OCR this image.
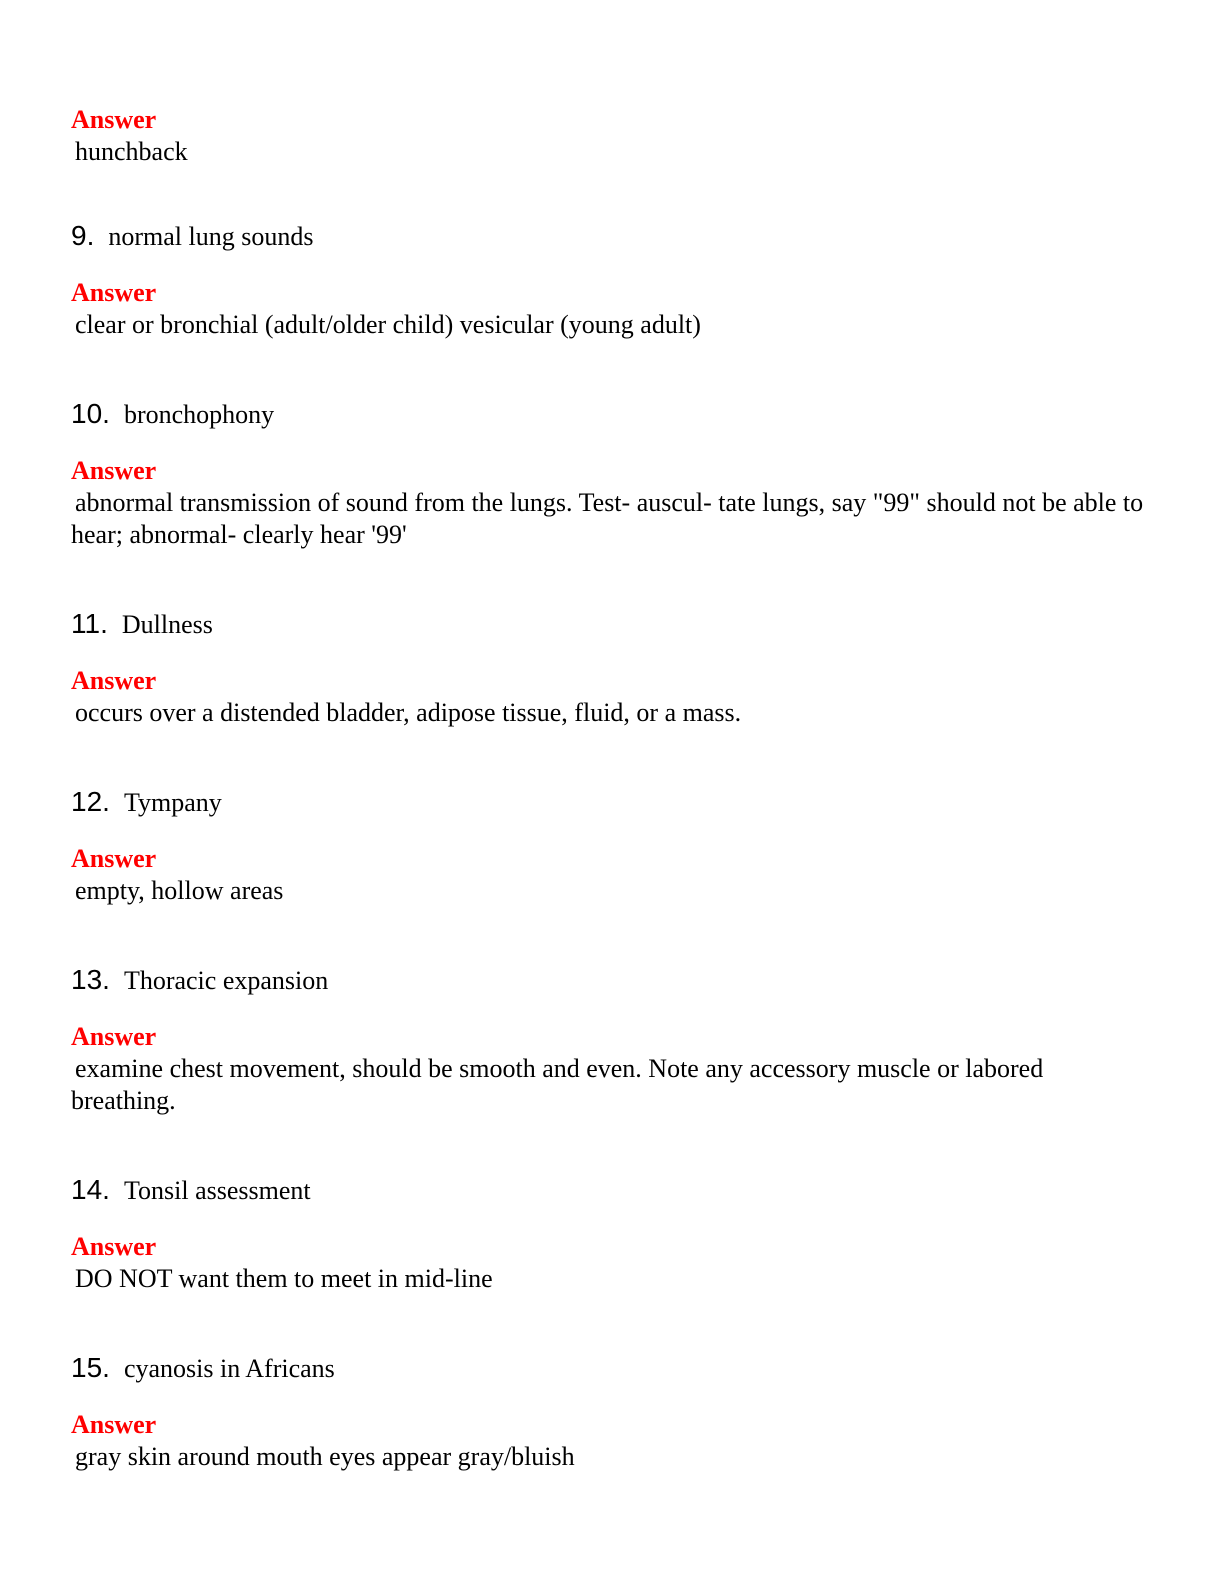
Answer
hunchback
9. normal lung sounds
Answer
clear or bronchial (adult/older child) vesicular (young adult)
10. bronchophony
Answer
abnormal transmission of sound from the lungs. Test- auscul- tate lungs, say "99" should not be able to hear; abnormal- clearly hear '99'
11. Dullness
Answer
occurs over a distended bladder, adipose tissue, fluid, or a mass.
12. Tympany
Answer
empty, hollow areas
13. Thoracic expansion
Answer
examine chest movement, should be smooth and even. Note any accessory muscle or labored breathing.
14. Tonsil assessment
Answer
DO NOT want them to meet in mid-line
15. cyanosis in Africans
Answer
gray skin around mouth eyes appear gray/bluish
